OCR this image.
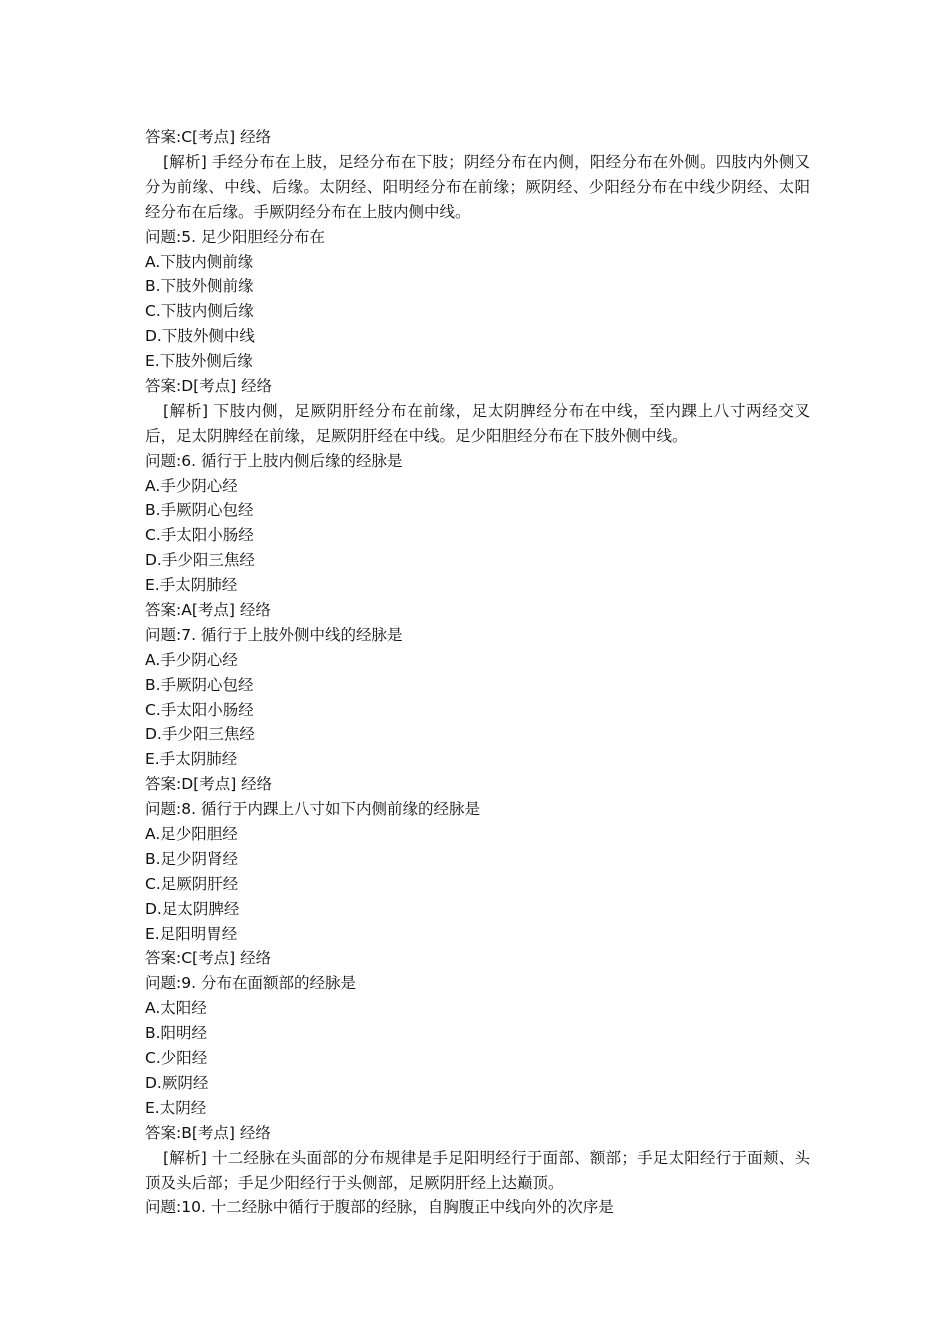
答案:C[考点] 经络
[解析] 手经分布在上肢，足经分布在下肢；阴经分布在内侧，阳经分布在外侧。四肢内外侧又分为前缘、中线、后缘。太阴经、阳明经分布在前缘；厥阴经、少阳经分布在中线少阴经、太阳经分布在后缘。手厥阴经分布在上肢内侧中线。
问题:5. 足少阳胆经分布在
A.下肢内侧前缘
B.下肢外侧前缘
C.下肢内侧后缘
D.下肢外侧中线
E.下肢外侧后缘
答案:D[考点] 经络
[解析] 下肢内侧，足厥阴肝经分布在前缘，足太阴脾经分布在中线，至内踝上八寸两经交叉后，足太阴脾经在前缘，足厥阴肝经在中线。足少阳胆经分布在下肢外侧中线。
问题:6. 循行于上肢内侧后缘的经脉是
A.手少阴心经
B.手厥阴心包经
C.手太阳小肠经
D.手少阳三焦经
E.手太阴肺经
答案:A[考点] 经络
问题:7. 循行于上肢外侧中线的经脉是
A.手少阴心经
B.手厥阴心包经
C.手太阳小肠经
D.手少阳三焦经
E.手太阴肺经
答案:D[考点] 经络
问题:8. 循行于内踝上八寸如下内侧前缘的经脉是
A.足少阳胆经
B.足少阴肾经
C.足厥阴肝经
D.足太阴脾经
E.足阳明胃经
答案:C[考点] 经络
问题:9. 分布在面额部的经脉是
A.太阳经
B.阳明经
C.少阳经
D.厥阴经
E.太阴经
答案:B[考点] 经络
[解析] 十二经脉在头面部的分布规律是手足阳明经行于面部、额部；手足太阳经行于面颊、头顶及头后部；手足少阳经行于头侧部，足厥阴肝经上达巅顶。
问题:10. 十二经脉中循行于腹部的经脉，自胸腹正中线向外的次序是
